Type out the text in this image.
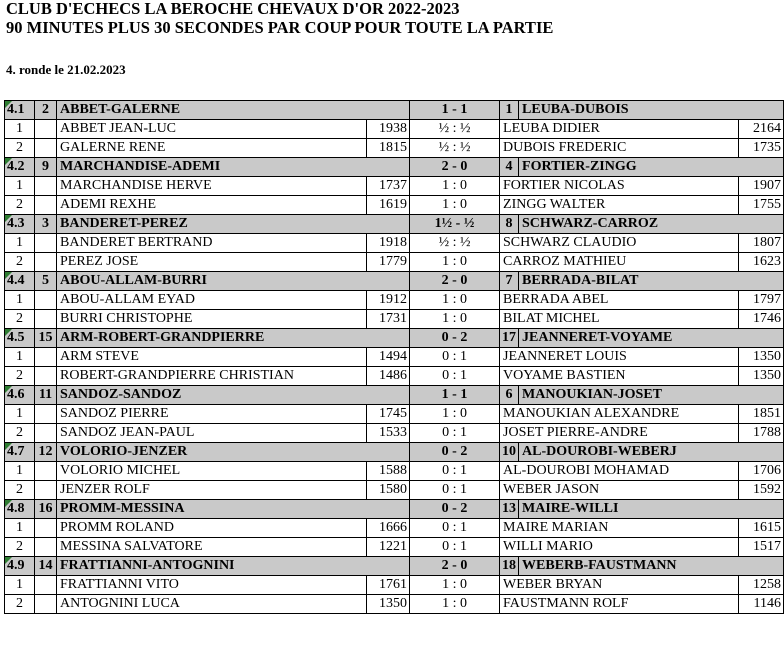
CLUB D'ECHECS LA BEROCHE CHEVAUX D'OR 2022-2023
90 MINUTES PLUS 30 SECONDES PAR COUP POUR TOUTE LA PARTIE
4. ronde le 21.02.2023
4.1	2	ABBET-GALERNE		1 - 1	1	LEUBA-DUBOIS	
1		ABBET JEAN-LUC	1938	½ : ½	LEUBA DIDIER		2164
2		GALERNE RENE	1815	½ : ½	DUBOIS FREDERIC		1735
4.2	9	MARCHANDISE-ADEMI		2 - 0	4	FORTIER-ZINGG	
1		MARCHANDISE HERVE	1737	1 : 0	FORTIER NICOLAS		1907
2		ADEMI REXHE	1619	1 : 0	ZINGG WALTER		1755
4.3	3	BANDERET-PEREZ		1½ - ½	8	SCHWARZ-CARROZ	
1		BANDERET BERTRAND	1918	½ : ½	SCHWARZ CLAUDIO		1807
2		PEREZ JOSE	1779	1 : 0	CARROZ MATHIEU		1623
4.4	5	ABOU-ALLAM-BURRI		2 - 0	7	BERRADA-BILAT	
1		ABOU-ALLAM EYAD	1912	1 : 0	BERRADA ABEL		1797
2		BURRI CHRISTOPHE	1731	1 : 0	BILAT MICHEL		1746
4.5	15	ARM-ROBERT-GRANDPIERRE		0 - 2	17	JEANNERET-VOYAME	
1		ARM STEVE	1494	0 : 1	JEANNERET LOUIS		1350
2		ROBERT-GRANDPIERRE CHRISTIAN	1486	0 : 1	VOYAME BASTIEN		1350
4.6	11	SANDOZ-SANDOZ		1 - 1	6	MANOUKIAN-JOSET	
1		SANDOZ PIERRE	1745	1 : 0	MANOUKIAN ALEXANDRE		1851
2		SANDOZ JEAN-PAUL	1533	0 : 1	JOSET PIERRE-ANDRE		1788
4.7	12	VOLORIO-JENZER		0 - 2	10	AL-DOUROBI-WEBERJ	
1		VOLORIO MICHEL	1588	0 : 1	AL-DOUROBI MOHAMAD		1706
2		JENZER ROLF	1580	0 : 1	WEBER JASON		1592
4.8	16	PROMM-MESSINA		0 - 2	13	MAIRE-WILLI	
1		PROMM ROLAND	1666	0 : 1	MAIRE MARIAN		1615
2		MESSINA SALVATORE	1221	0 : 1	WILLI MARIO		1517
4.9	14	FRATTIANNI-ANTOGNINI		2 - 0	18	WEBERB-FAUSTMANN	
1		FRATTIANNI VITO	1761	1 : 0	WEBER BRYAN		1258
2		ANTOGNINI LUCA	1350	1 : 0	FAUSTMANN ROLF		1146
